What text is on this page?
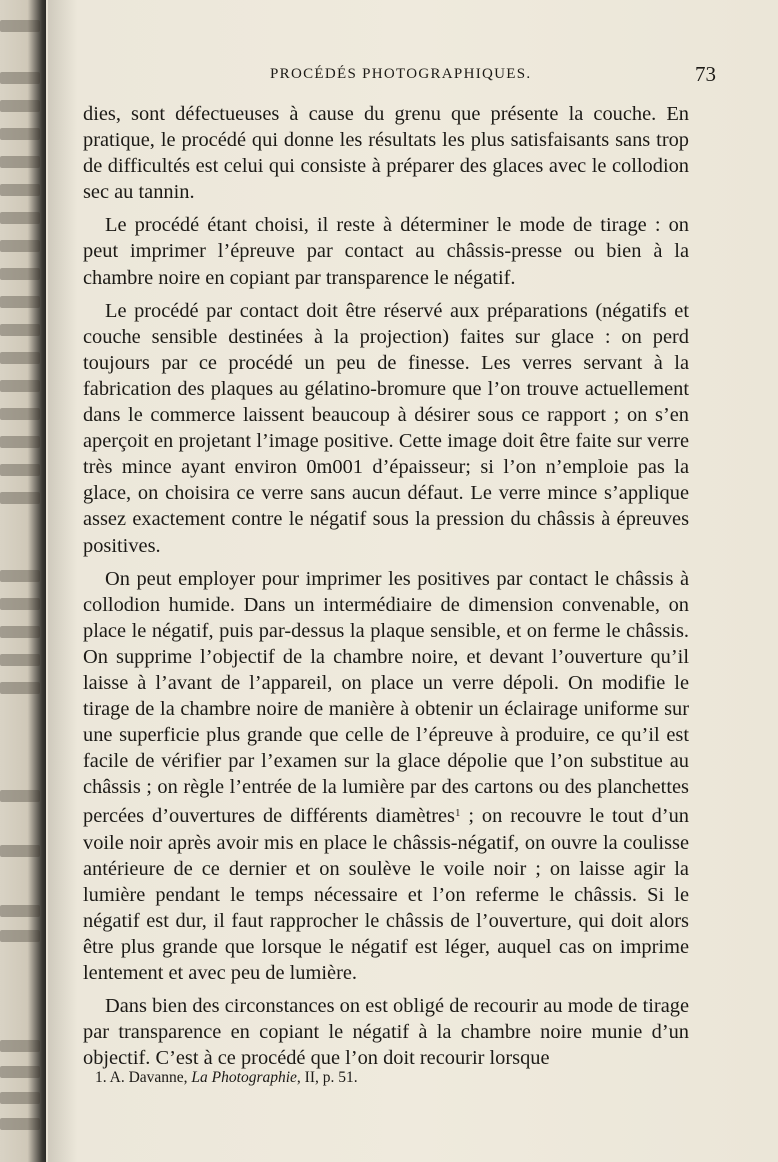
PROCÉDÉS PHOTOGRAPHIQUES.	73

dies, sont défectueuses à cause du grenu que présente la couche. En pratique, le procédé qui donne les résultats les plus satisfaisants sans trop de difficultés est celui qui consiste à préparer des glaces avec le collodion sec au tannin.

Le procédé étant choisi, il reste à déterminer le mode de tirage : on peut imprimer l’épreuve par contact au châssis-presse ou bien à la chambre noire en copiant par transparence le négatif.

Le procédé par contact doit être réservé aux préparations (négatifs et couche sensible destinées à la projection) faites sur glace : on perd toujours par ce procédé un peu de finesse. Les verres servant à la fabrication des plaques au gélatino-bromure que l’on trouve actuellement dans le commerce laissent beaucoup à désirer sous ce rapport ; on s’en aperçoit en projetant l’image positive. Cette image doit être faite sur verre très mince ayant environ 0m001 d’épaisseur; si l’on n’emploie pas la glace, on choisira ce verre sans aucun défaut. Le verre mince s’applique assez exactement contre le négatif sous la pression du châssis à épreuves positives.

On peut employer pour imprimer les positives par contact le châssis à collodion humide. Dans un intermédiaire de dimension convenable, on place le négatif, puis par-dessus la plaque sensible, et on ferme le châssis. On supprime l’objectif de la chambre noire, et devant l’ouverture qu’il laisse à l’avant de l’appareil, on place un verre dépoli. On modifie le tirage de la chambre noire de manière à obtenir un éclairage uniforme sur une superficie plus grande que celle de l’épreuve à produire, ce qu’il est facile de vérifier par l’examen sur la glace dépolie que l’on substitue au châssis ; on règle l’entrée de la lumière par des cartons ou des planchettes percées d’ouvertures de différents diamètres$^1$ ; on recouvre le tout d’un voile noir après avoir mis en place le châssis-négatif, on ouvre la coulisse antérieure de ce dernier et on soulève le voile noir ; on laisse agir la lumière pendant le temps nécessaire et l’on referme le châssis. Si le négatif est dur, il faut rapprocher le châssis de l’ouverture, qui doit alors être plus grande que lorsque le négatif est léger, auquel cas on imprime lentement et avec peu de lumière.

Dans bien des circonstances on est obligé de recourir au mode de tirage par transparence en copiant le négatif à la chambre noire munie d’un objectif. C’est à ce procédé que l’on doit recourir lorsque

1. A. Davanne, La Photographie, II, p. 51.
